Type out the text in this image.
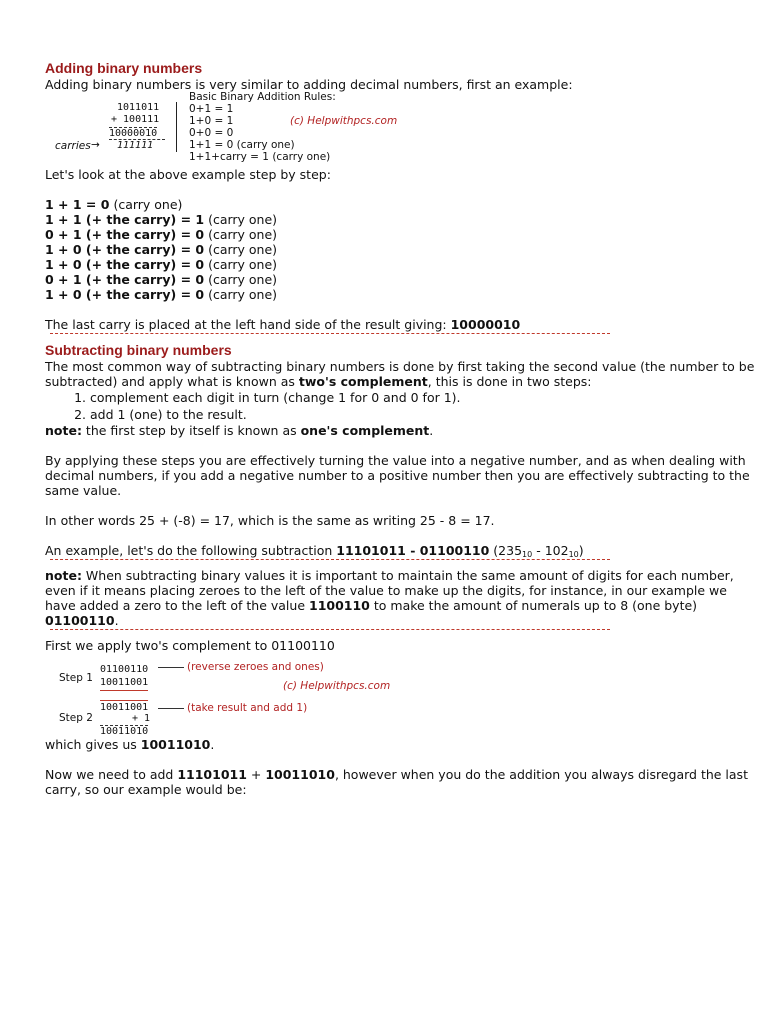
Adding binary numbers

Adding binary numbers is very similar to adding decimal numbers, first an example:

1011011
+ 100111
10000010
carries → 111111
Basic Binary Addition Rules:
0+1 = 1
1+0 = 1
0+0 = 0
1+1 = 0 (carry one)
1+1+carry = 1 (carry one)
(c) Helpwithpcs.com

Let's look at the above example step by step:

1 + 1 = 0 (carry one)

1 + 1 (+ the carry) = 1 (carry one)

0 + 1 (+ the carry) = 0 (carry one)

1 + 0 (+ the carry) = 0 (carry one)

1 + 0 (+ the carry) = 0 (carry one)

0 + 1 (+ the carry) = 0 (carry one)

1 + 0 (+ the carry) = 0 (carry one)

The last carry is placed at the left hand side of the result giving: 10000010

Subtracting binary numbers

The most common way of subtracting binary numbers is done by first taking the second value (the number to be subtracted) and apply what is known as two's complement, this is done in two steps:

1. complement each digit in turn (change 1 for 0 and 0 for 1).
2. add 1 (one) to the result.

note: the first step by itself is known as one's complement.

By applying these steps you are effectively turning the value into a negative number, and as when dealing with decimal numbers, if you add a negative number to a positive number then you are effectively subtracting to the same value.

In other words 25 + (-8) = 17, which is the same as writing 25 - 8 = 17.

An example, let's do the following subtraction 11101011 - 01100110 $(235_{10} - 102_{10})$

note: When subtracting binary values it is important to maintain the same amount of digits for each number, even if it means placing zeroes to the left of the value to make up the digits, for instance, in our example we have added a zero to the left of the value 1100110 to make the amount of numerals up to 8 (one byte) 01100110.

First we apply two's complement to 01100110

Step 1
01100110
10011001
(reverse zeroes and ones)
(c) Helpwithpcs.com
10011001
Step 2	+ 1
(take result and add 1)
10011010

which gives us 10011010.

Now we need to add 11101011 + 10011010, however when you do the addition you always disregard the last carry, so our example would be:
